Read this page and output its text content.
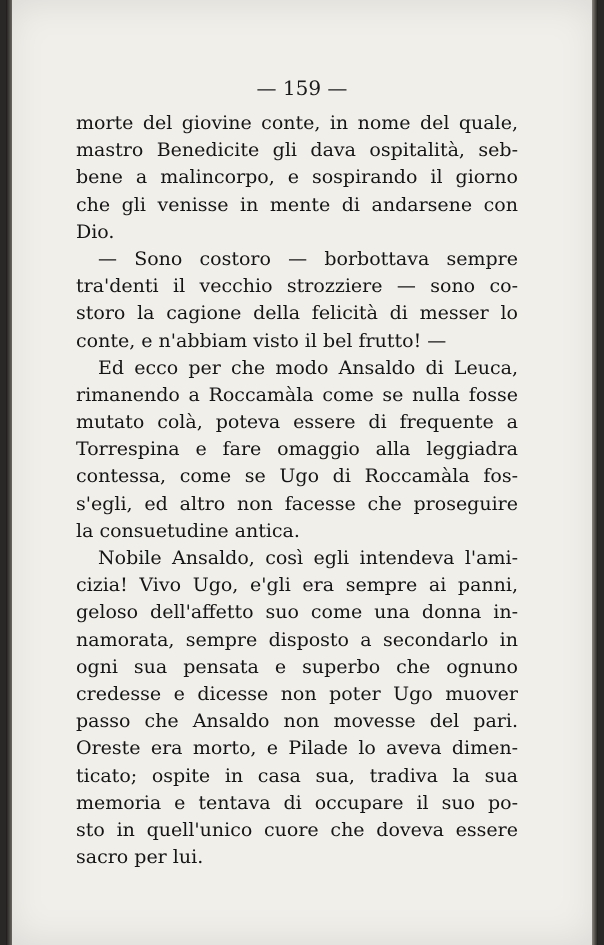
— 159 —
morte del giovine conte, in nome del quale,
mastro Benedicite gli dava ospitalità, seb-
bene a malincorpo, e sospirando il giorno
che gli venisse in mente di andarsene con
Dio.
— Sono costoro — borbottava sempre
tra'denti il vecchio strozziere — sono co-
storo la cagione della felicità di messer lo
conte, e n'abbiam visto il bel frutto! —
Ed ecco per che modo Ansaldo di Leuca,
rimanendo a Roccamàla come se nulla fosse
mutato colà, poteva essere di frequente a
Torrespina e fare omaggio alla leggiadra
contessa, come se Ugo di Roccamàla fos-
s'egli, ed altro non facesse che proseguire
la consuetudine antica.
Nobile Ansaldo, così egli intendeva l'ami-
cizia! Vivo Ugo, e'gli era sempre ai panni,
geloso dell'affetto suo come una donna in-
namorata, sempre disposto a secondarlo in
ogni sua pensata e superbo che ognuno
credesse e dicesse non poter Ugo muover
passo che Ansaldo non movesse del pari.
Oreste era morto, e Pilade lo aveva dimen-
ticato; ospite in casa sua, tradiva la sua
memoria e tentava di occupare il suo po-
sto in quell'unico cuore che doveva essere
sacro per lui.
